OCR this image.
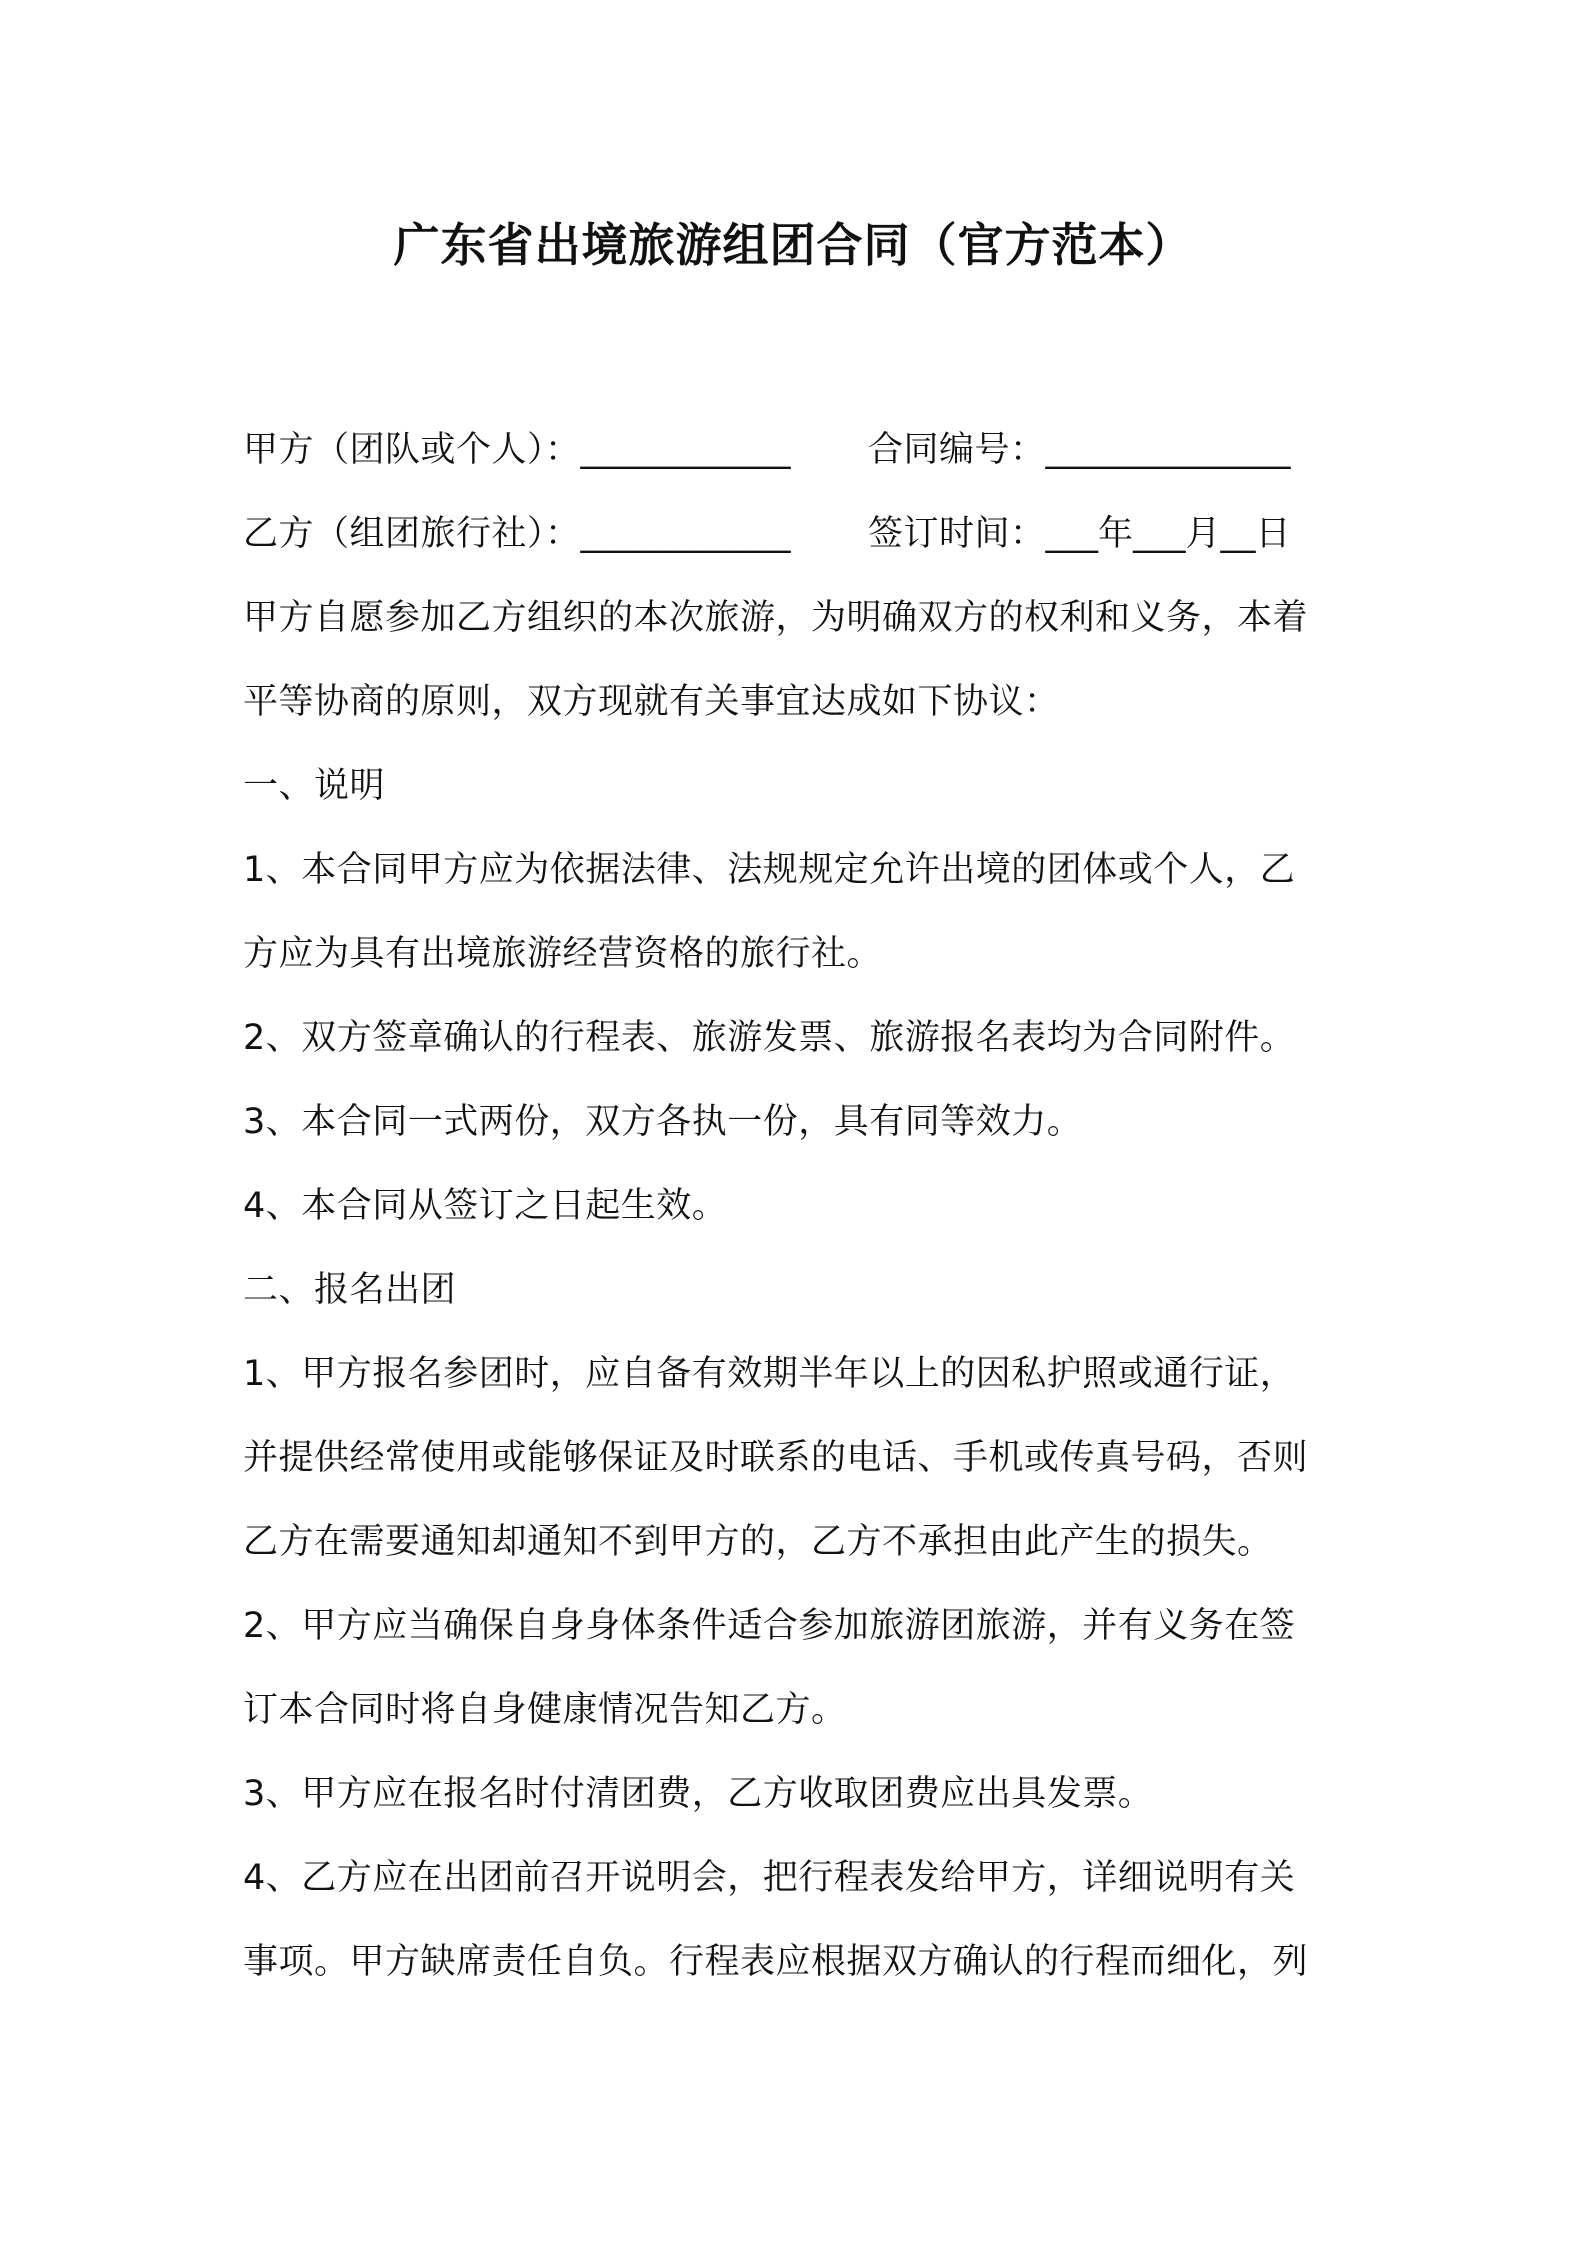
广东省出境旅游组团合同（官方范本）
甲方（团队或个人）：____________	合同编号：______________
乙方（组团旅行社）：____________	签订时间：___年___月__日
甲方自愿参加乙方组织的本次旅游，为明确双方的权利和义务，本着
平等协商的原则，双方现就有关事宜达成如下协议：
一、说明
1、本合同甲方应为依据法律、法规规定允许出境的团体或个人，乙
方应为具有出境旅游经营资格的旅行社。
2、双方签章确认的行程表、旅游发票、旅游报名表均为合同附件。
3、本合同一式两份，双方各执一份，具有同等效力。
4、本合同从签订之日起生效。
二、报名出团
1、甲方报名参团时，应自备有效期半年以上的因私护照或通行证，
并提供经常使用或能够保证及时联系的电话、手机或传真号码，否则
乙方在需要通知却通知不到甲方的，乙方不承担由此产生的损失。
2、甲方应当确保自身身体条件适合参加旅游团旅游，并有义务在签
订本合同时将自身健康情况告知乙方。
3、甲方应在报名时付清团费，乙方收取团费应出具发票。
4、乙方应在出团前召开说明会，把行程表发给甲方，详细说明有关
事项。甲方缺席责任自负。行程表应根据双方确认的行程而细化，列
